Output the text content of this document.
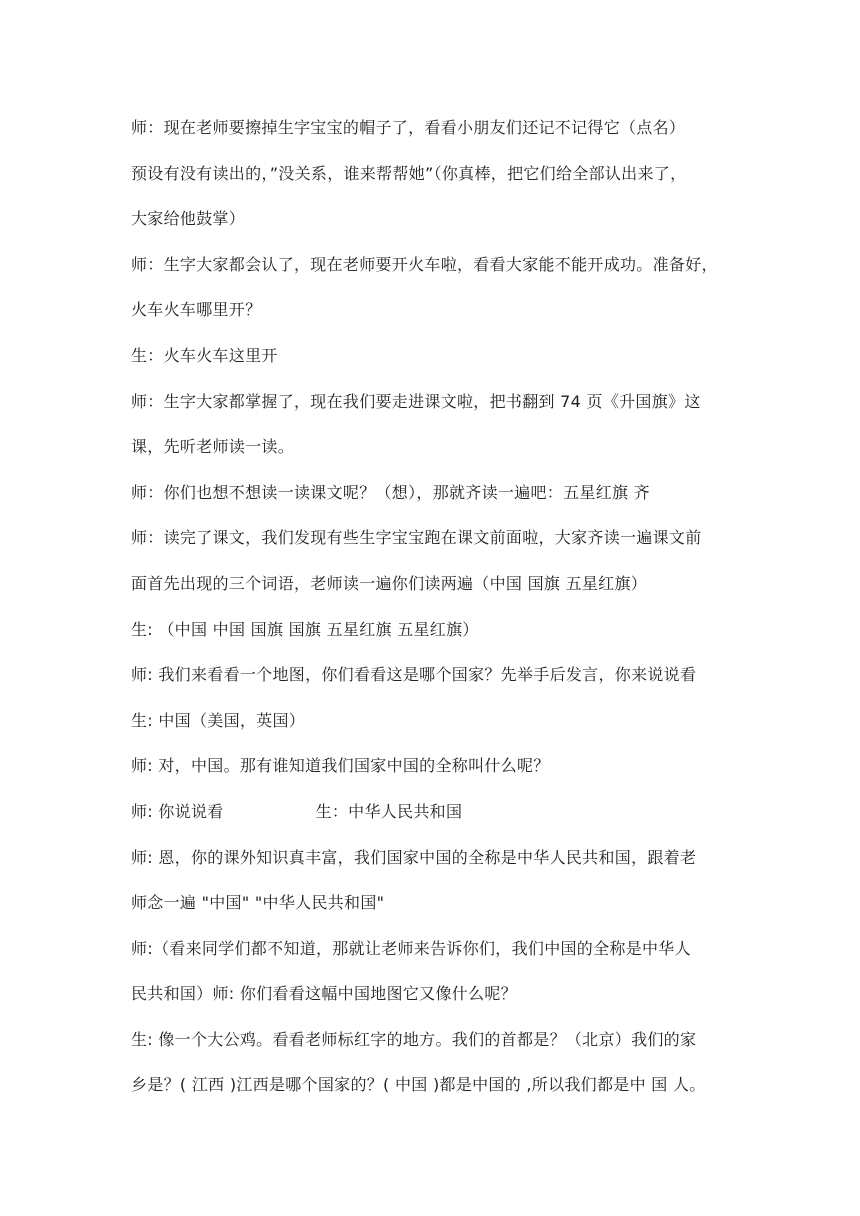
师：现在老师要擦掉生字宝宝的帽子了，看看小朋友们还记不记得它（点名）
预设有没有读出的，”没关系，谁来帮帮她”（你真棒，把它们给全部认出来了，
大家给他鼓掌）
师：生字大家都会认了，现在老师要开火车啦，看看大家能不能开成功。准备好，
火车火车哪里开？
生：火车火车这里开
师：生字大家都掌握了，现在我们要走进课文啦，把书翻到 74 页《升国旗》这
课，先听老师读一读。
师：你们也想不想读一读课文呢？（想），那就齐读一遍吧：五星红旗 齐
师：读完了课文，我们发现有些生字宝宝跑在课文前面啦，大家齐读一遍课文前
面首先出现的三个词语，老师读一遍你们读两遍（中国 国旗 五星红旗）
生: （中国 中国 国旗 国旗 五星红旗 五星红旗）
师: 我们来看看一个地图，你们看看这是哪个国家？先举手后发言，你来说说看
生: 中国（美国，英国）
师: 对，中国。那有谁知道我们国家中国的全称叫什么呢？
师: 你说说看	生：中华人民共和国
师: 恩，你的课外知识真丰富，我们国家中国的全称是中华人民共和国，跟着老
师念一遍 "中国" "中华人民共和国"
师:（看来同学们都不知道，那就让老师来告诉你们，我们中国的全称是中华人
民共和国）师: 你们看看这幅中国地图它又像什么呢？
生: 像一个大公鸡。看看老师标红字的地方。我们的首都是？（北京）我们的家
乡是？( 江西 )江西是哪个国家的？( 中国 )都是中国的 ,所以我们都是中 国 人。
